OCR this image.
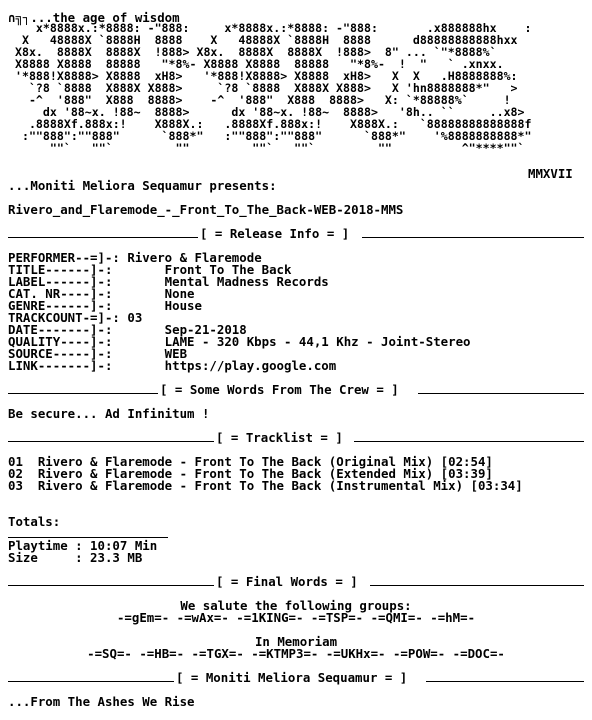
∩╗┐...the age of wisdom
x*8888x.:*8888: -"888:     x*8888x.:*8888: -"888:       .x888888hx    :
X   48888X `8888H  8888    X   48888X `8888H  8888      d88888888888hxx
X8x.  8888X  8888X  !888> X8x.  8888X  8888X  !888>  8" ... `"*8888%`
X8888 X8888  88888   "*8%- X8888 X8888  88888   "*8%-  !  "   ` .xnxx.
'*888!X8888> X8888  xH8>   '*888!X8888> X8888  xH8>   X  X   .H8888888%:
`?8 `8888  X888X X888>     `?8 `8888  X888X X888>   X 'hn8888888*"   >
-^  '888"  X888  8888>    -^  '888"  X888  8888>   X: `*88888%`     !
dx '88~x. !88~  8888>      dx '88~x. !88~  8888>   '8h.. ``     ..x8>
.8888Xf.888x:!    X888X.:   .8888Xf.888x:!    X888X.:   `88888888888888f
:""888":""888"      `888*"   :""888":""888"      `888*"    '%8888888888*"
""`   ""`         ""         ""`   ""`         ""          ^"****""`
MMXVII
...Moniti Meliora Sequamur presents:
Rivero_and_Flaremode_-_Front_To_The_Back-WEB-2018-MMS
[ = Release Info = ]
PERFORMER--=]-: Rivero & Flaremode
TITLE------]-:	Front To The Back
LABEL------]-:	Mental Madness Records
CAT. NR----]-:	None
GENRE------]-:	House
TRACKCOUNT-=]-: 03
DATE-------]-:	Sep-21-2018
QUALITY----]-:	LAME - 320 Kbps - 44,1 Khz - Joint-Stereo
SOURCE-----]-:	WEB
LINK-------]-:	https://play.google.com
[ = Some Words From The Crew = ]
Be secure... Ad Infinitum !
[ = Tracklist = ]
01  Rivero & Flaremode - Front To The Back (Original Mix) [02:54]
02  Rivero & Flaremode - Front To The Back (Extended Mix) [03:39]
03  Rivero & Flaremode - Front To The Back (Instrumental Mix) [03:34]
Totals:
Playtime : 10:07 Min
Size     : 23.3 MB
[ = Final Words = ]
We salute the following groups:
-=gEm=- -=wAx=- -=1KING=- -=TSP=- -=QMI=- -=hM=-
In Memoriam
-=SQ=- -=HB=- -=TGX=- -=KTMP3=- -=UKHx=- -=POW=- -=DOC=-
[ = Moniti Meliora Sequamur = ]
...From The Ashes We Rise
